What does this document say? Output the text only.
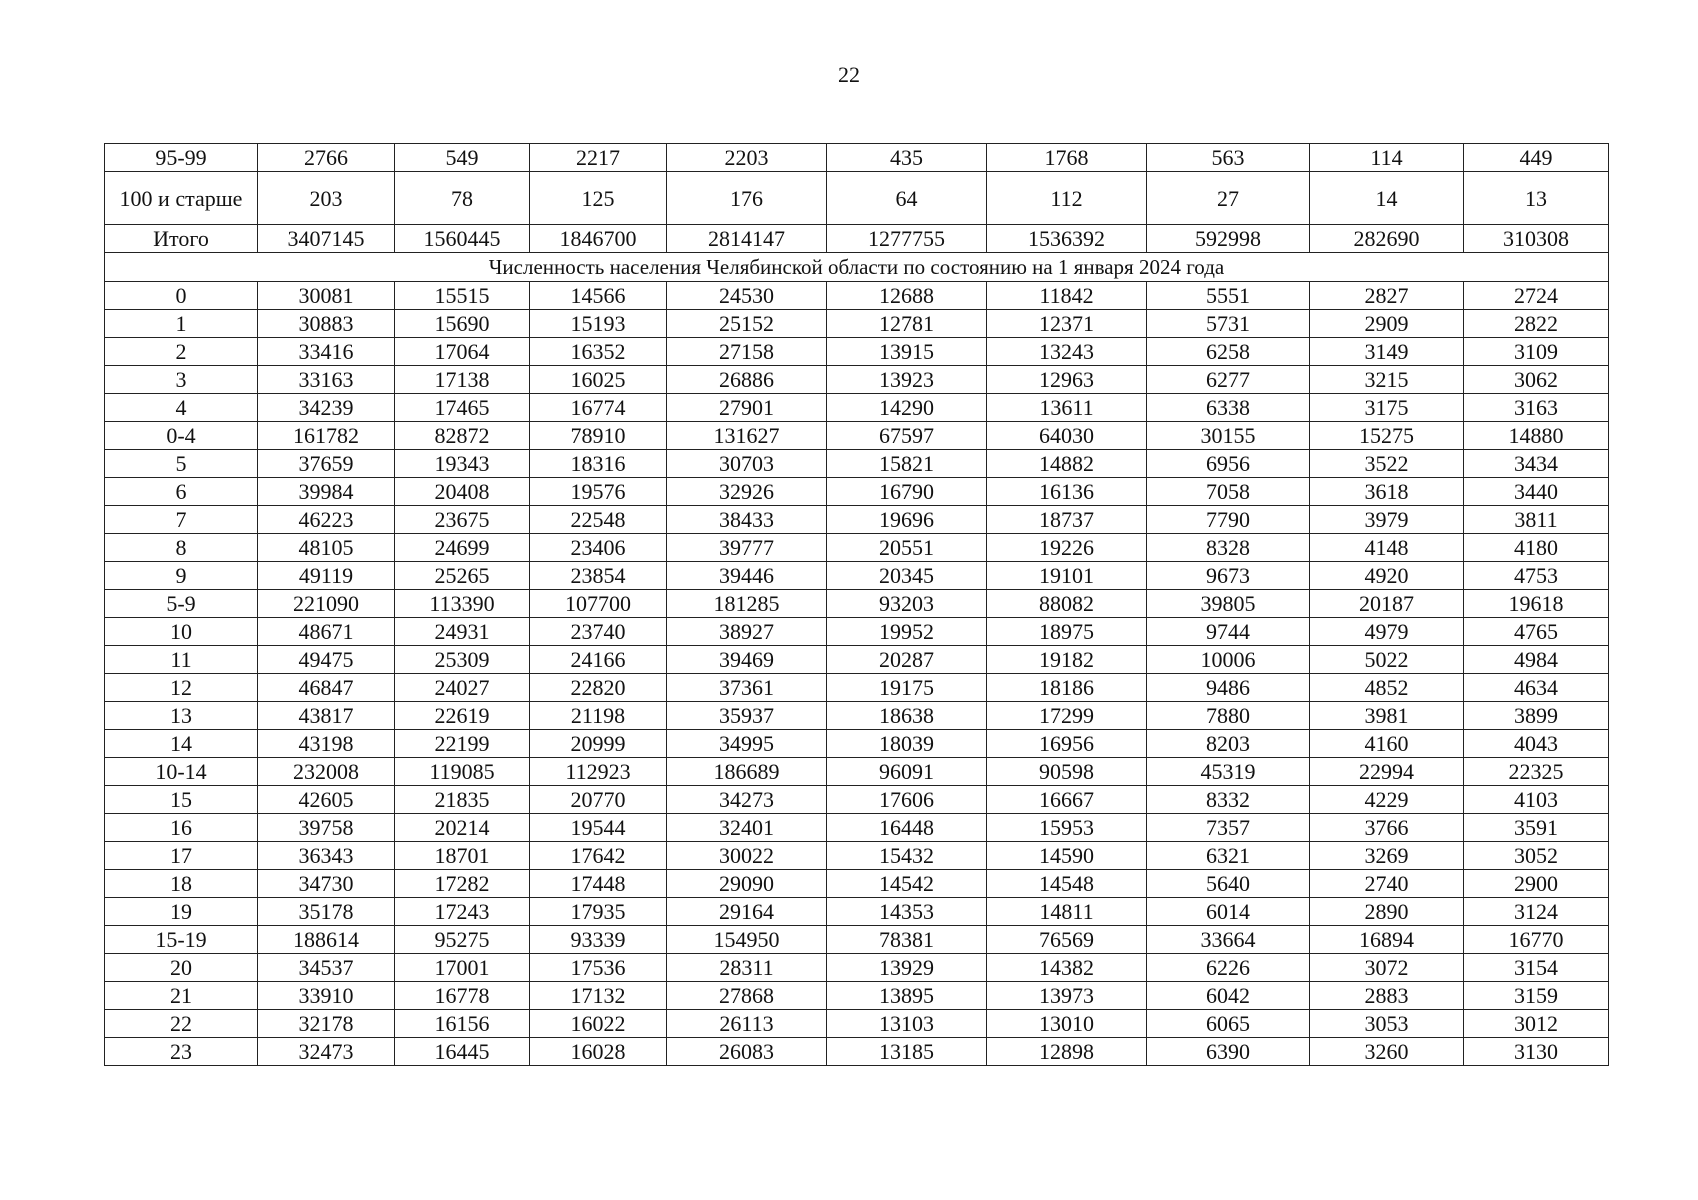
22
95-99	2766	549	2217	2203	435	1768	563	114	449
100 и старше	203	78	125	176	64	112	27	14	13
Итого	3407145	1560445	1846700	2814147	1277755	1536392	592998	282690	310308
Численность населения Челябинской области по состоянию на 1 января 2024 года									
0	30081	15515	14566	24530	12688	11842	5551	2827	2724
1	30883	15690	15193	25152	12781	12371	5731	2909	2822
2	33416	17064	16352	27158	13915	13243	6258	3149	3109
3	33163	17138	16025	26886	13923	12963	6277	3215	3062
4	34239	17465	16774	27901	14290	13611	6338	3175	3163
0-4	161782	82872	78910	131627	67597	64030	30155	15275	14880
5	37659	19343	18316	30703	15821	14882	6956	3522	3434
6	39984	20408	19576	32926	16790	16136	7058	3618	3440
7	46223	23675	22548	38433	19696	18737	7790	3979	3811
8	48105	24699	23406	39777	20551	19226	8328	4148	4180
9	49119	25265	23854	39446	20345	19101	9673	4920	4753
5-9	221090	113390	107700	181285	93203	88082	39805	20187	19618
10	48671	24931	23740	38927	19952	18975	9744	4979	4765
11	49475	25309	24166	39469	20287	19182	10006	5022	4984
12	46847	24027	22820	37361	19175	18186	9486	4852	4634
13	43817	22619	21198	35937	18638	17299	7880	3981	3899
14	43198	22199	20999	34995	18039	16956	8203	4160	4043
10-14	232008	119085	112923	186689	96091	90598	45319	22994	22325
15	42605	21835	20770	34273	17606	16667	8332	4229	4103
16	39758	20214	19544	32401	16448	15953	7357	3766	3591
17	36343	18701	17642	30022	15432	14590	6321	3269	3052
18	34730	17282	17448	29090	14542	14548	5640	2740	2900
19	35178	17243	17935	29164	14353	14811	6014	2890	3124
15-19	188614	95275	93339	154950	78381	76569	33664	16894	16770
20	34537	17001	17536	28311	13929	14382	6226	3072	3154
21	33910	16778	17132	27868	13895	13973	6042	2883	3159
22	32178	16156	16022	26113	13103	13010	6065	3053	3012
23	32473	16445	16028	26083	13185	12898	6390	3260	3130
